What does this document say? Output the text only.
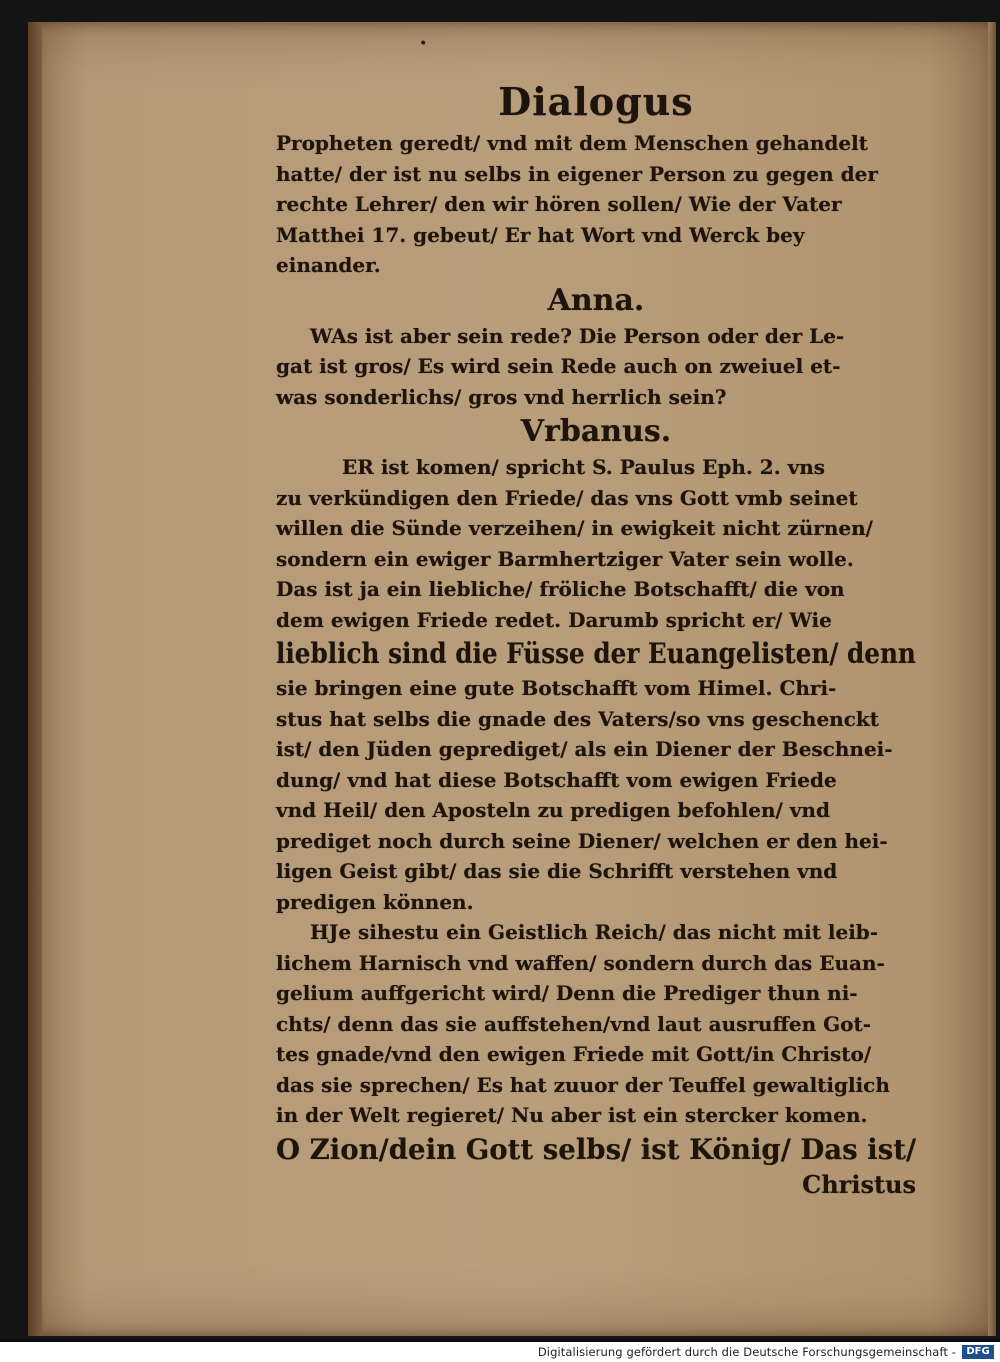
•
Dialogus
Propheten geredt/ vnd mit dem Menschen gehandelt
hatte/ der ist nu selbs in eigener Person zu gegen der
rechte Lehrer/ den wir hören sollen/ Wie der Vater
Matthei 17. gebeut/ Er hat Wort vnd Werck bey
einander.
Anna.
WAs ist aber sein rede? Die Person oder der Le-
gat ist gros/ Es wird sein Rede auch on zweiuel et-
was sonderlichs/ gros vnd herrlich sein?
Vrbanus.
ER ist komen/ spricht S. Paulus Eph. 2. vns
zu verkündigen den Friede/ das vns Gott vmb seinet
willen die Sünde verzeihen/ in ewigkeit nicht zürnen/
sondern ein ewiger Barmhertziger Vater sein wolle.
Das ist ja ein liebliche/ fröliche Botschafft/ die von
dem ewigen Friede redet. Darumb spricht er/ Wie
lieblich sind die Füsse der Euangelisten/ denn
sie bringen eine gute Botschafft vom Himel. Chri-
stus hat selbs die gnade des Vaters/so vns geschenckt
ist/ den Jüden geprediget/ als ein Diener der Beschnei-
dung/ vnd hat diese Botschafft vom ewigen Friede
vnd Heil/ den Aposteln zu predigen befohlen/ vnd
prediget noch durch seine Diener/ welchen er den hei-
ligen Geist gibt/ das sie die Schrifft verstehen vnd
predigen können.
HJe sihestu ein Geistlich Reich/ das nicht mit leib-
lichem Harnisch vnd waffen/ sondern durch das Euan-
gelium auffgericht wird/ Denn die Prediger thun ni-
chts/ denn das sie auffstehen/vnd laut ausruffen Got-
tes gnade/vnd den ewigen Friede mit Gott/in Christo/
das sie sprechen/ Es hat zuuor der Teuffel gewaltiglich
in der Welt regieret/ Nu aber ist ein stercker komen.
O Zion/dein Gott selbs/ ist König/ Das ist/
Christus
Digitalisierung gefördert durch die Deutsche Forschungsgemeinschaft -	DFG
